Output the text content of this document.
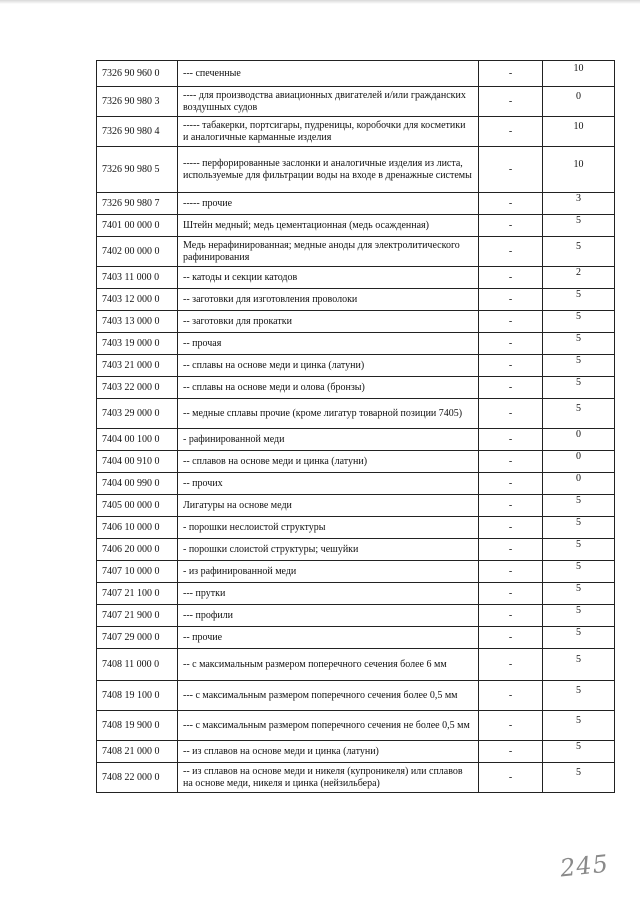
7326 90 960 0	--- спеченные	-	10
7326 90 980 3	---- для производства авиационных двигателей и/или гражданских воздушных судов	-	0
7326 90 980 4	----- табакерки, портсигары, пудреницы, коробочки для косметики и аналогичные карманные изделия	-	10
7326 90 980 5	----- перфорированные заслонки и аналогичные изделия из листа, используемые для фильтрации воды на входе в дренажные системы	-	10
7326 90 980 7	----- прочие	-	3
7401 00 000 0	Штейн медный; медь цементационная (медь осажденная)	-	5
7402 00 000 0	Медь нерафинированная; медные аноды для электролитического рафинирования	-	5
7403 11 000 0	-- катоды и секции катодов	-	2
7403 12 000 0	-- заготовки для изготовления проволоки	-	5
7403 13 000 0	-- заготовки для прокатки	-	5
7403 19 000 0	-- прочая	-	5
7403 21 000 0	-- сплавы на основе меди и цинка (латуни)	-	5
7403 22 000 0	-- сплавы на основе меди и олова (бронзы)	-	5
7403 29 000 0	-- медные сплавы прочие (кроме лигатур товарной позиции 7405)	-	5
7404 00 100 0	- рафинированной меди	-	0
7404 00 910 0	-- сплавов на основе меди и цинка (латуни)	-	0
7404 00 990 0	-- прочих	-	0
7405 00 000 0	Лигатуры на основе меди	-	5
7406 10 000 0	- порошки неслоистой структуры	-	5
7406 20 000 0	- порошки слоистой структуры; чешуйки	-	5
7407 10 000 0	- из рафинированной меди	-	5
7407 21 100 0	--- прутки	-	5
7407 21 900 0	--- профили	-	5
7407 29 000 0	-- прочие	-	5
7408 11 000 0	-- с максимальным размером поперечного сечения более 6 мм	-	5
7408 19 100 0	--- с максимальным размером поперечного сечения более 0,5 мм	-	5
7408 19 900 0	--- с максимальным размером поперечного сечения не более 0,5 мм	-	5
7408 21 000 0	-- из сплавов на основе меди и цинка (латуни)	-	5
7408 22 000 0	-- из сплавов на основе меди и никеля (купроникеля) или сплавов на основе меди, никеля и цинка (нейзильбера)	-	5
245
